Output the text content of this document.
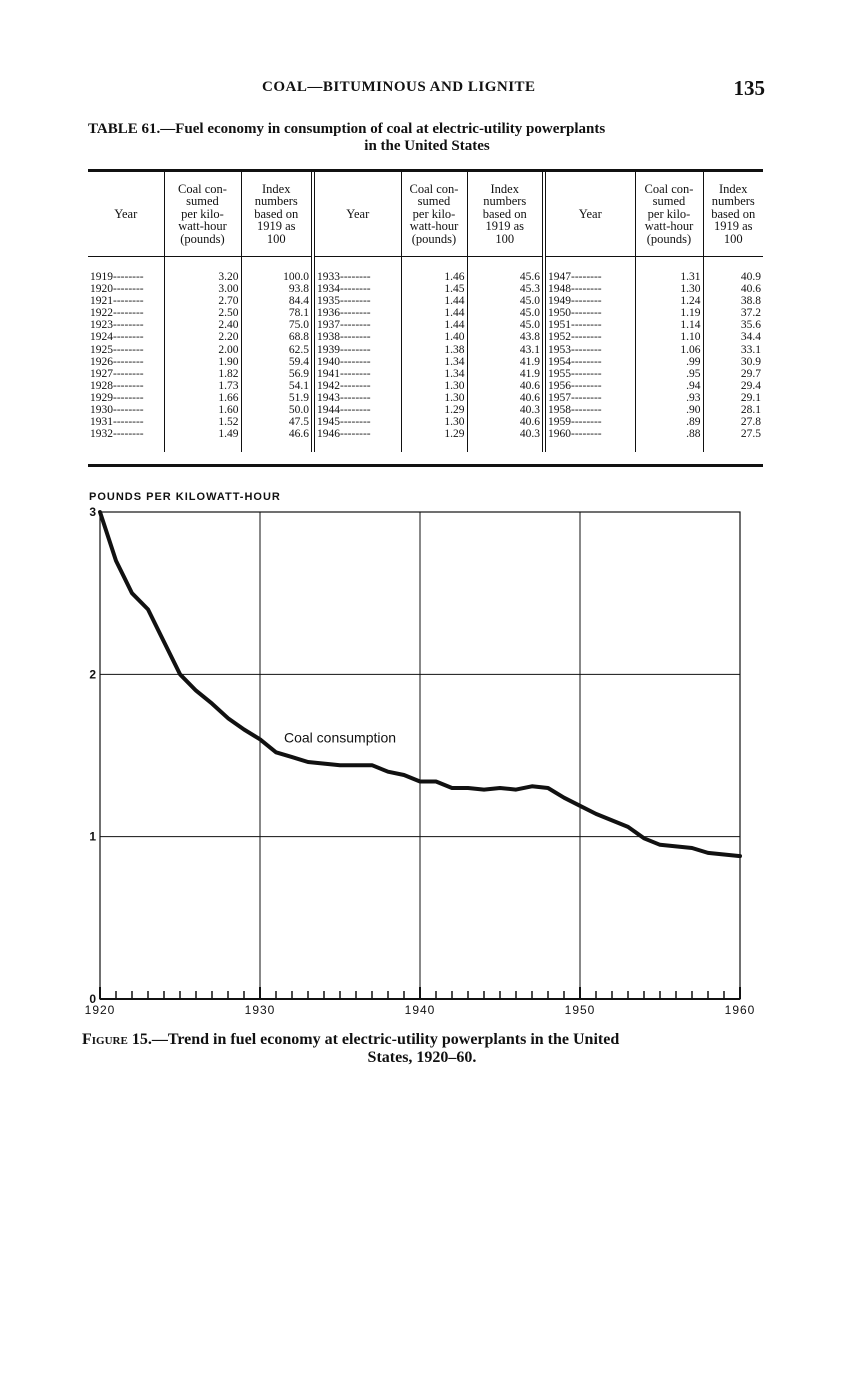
COAL—BITUMINOUS AND LIGNITE	135
TABLE 61.—Fuel economy in consumption of coal at electric-utility powerplants
in the United States
Year	Coal con-
sumed
per kilo-
watt-hour
(pounds)	Index
numbers
based on
1919 as
100	Year	Coal con-
sumed
per kilo-
watt-hour
(pounds)	Index
numbers
based on
1919 as
100	Year	Coal con-
sumed
per kilo-
watt-hour
(pounds)	Index
numbers
based on
1919 as
100
1919--------	3.20	100.0	1933--------	1.46	45.6	1947--------	1.31	40.9
1920--------	3.00	93.8	1934--------	1.45	45.3	1948--------	1.30	40.6
1921--------	2.70	84.4	1935--------	1.44	45.0	1949--------	1.24	38.8
1922--------	2.50	78.1	1936--------	1.44	45.0	1950--------	1.19	37.2
1923--------	2.40	75.0	1937--------	1.44	45.0	1951--------	1.14	35.6
1924--------	2.20	68.8	1938--------	1.40	43.8	1952--------	1.10	34.4
1925--------	2.00	62.5	1939--------	1.38	43.1	1953--------	1.06	33.1
1926--------	1.90	59.4	1940--------	1.34	41.9	1954--------	.99	30.9
1927--------	1.82	56.9	1941--------	1.34	41.9	1955--------	.95	29.7
1928--------	1.73	54.1	1942--------	1.30	40.6	1956--------	.94	29.4
1929--------	1.66	51.9	1943--------	1.30	40.6	1957--------	.93	29.1
1930--------	1.60	50.0	1944--------	1.29	40.3	1958--------	.90	28.1
1931--------	1.52	47.5	1945--------	1.30	40.6	1959--------	.89	27.8
1932--------	1.49	46.6	1946--------	1.29	40.3	1960--------	.88	27.5
POUNDS PER KILOWATT-HOUR
1920	1930	1940	1950	1960
0
1
2
3
Coal consumption
Figure 15.—Trend in fuel economy at electric-utility powerplants in the United
States, 1920–60.
